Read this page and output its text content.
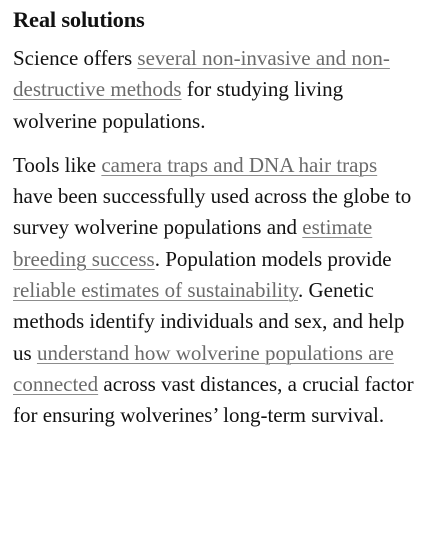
Real solutions

Science offers several non-invasive and non-destructive methods for studying living wolverine populations.

Tools like camera traps and DNA hair traps have been successfully used across the globe to survey wolverine populations and estimate breeding success. Population models provide reliable estimates of sustainability. Genetic methods identify individuals and sex, and help us understand how wolverine populations are connected across vast distances, a crucial factor for ensuring wolverines’ long-term survival.
